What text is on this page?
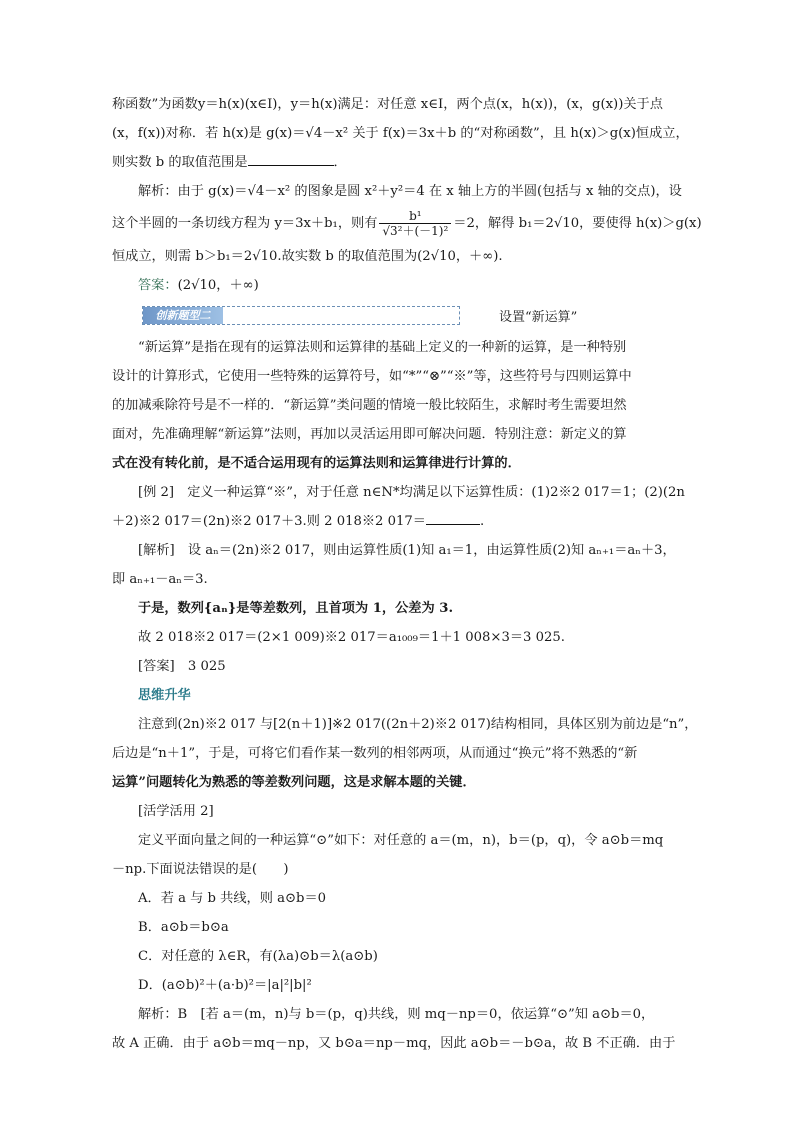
称函数”为函数y＝h(x)(x∈I)，y＝h(x)满足：对任意 x∈I，两个点(x，h(x))，(x，g(x))关于点
(x，f(x))对称．若 h(x)是 g(x)＝√4－x² 关于 f(x)＝3x＋b 的“对称函数”，且 h(x)＞g(x)恒成立，
则实数 b 的取值范围是	．
解析：由于 g(x)＝√4－x² 的图象是圆 x²＋y²＝4 在 x 轴上方的半圆(包括与 x 轴的交点)，设
这个半圆的一条切线方程为 y＝3x＋b₁，则有 $\frac{\text{b¹}}{\text{√3²＋(－1)²}} =2$，解得 b₁＝2√10，要使得 h(x)＞g(x)
恒成立，则需 b＞b₁＝2√10.故实数 b 的取值范围为(2√10，＋∞).
答案：(2√10，＋∞)
创新题型二	设置“新运算”
“新运算”是指在现有的运算法则和运算律的基础上定义的一种新的运算，是一种特别
设计的计算形式，它使用一些特殊的运算符号，如“*”“⊗”“※”等，这些符号与四则运算中
的加减乘除符号是不一样的．“新运算”类问题的情境一般比较陌生，求解时考生需要坦然
面对，先准确理解“新运算”法则，再加以灵活运用即可解决问题．特别注意：新定义的算
式在没有转化前，是不适合运用现有的运算法则和运算律进行计算的．
[例 2]　定义一种运算“※”，对于任意 n∈N*均满足以下运算性质：(1)2※2 017＝1；(2)(2n
＋2)※2 017＝(2n)※2 017＋3.则 2 018※2 017＝	.
[解析]　设 aₙ＝(2n)※2 017，则由运算性质(1)知 a₁＝1，由运算性质(2)知 aₙ₊₁＝aₙ＋3，
即 aₙ₊₁－aₙ＝3.
于是，数列{aₙ}是等差数列，且首项为 1，公差为 3.
故 2 018※2 017＝(2×1 009)※2 017＝a₁₀₀₉＝1＋1 008×3＝3 025.
[答案]　 3 025
思维升华
注意到(2n)※2 017 与[2(n＋1)]※2 017((2n＋2)※2 017)结构相同，具体区别为前边是“n”，
后边是“n＋1”，于是，可将它们看作某一数列的相邻两项，从而通过“换元”将不熟悉的“新
运算”问题转化为熟悉的等差数列问题，这是求解本题的关键．
[活学活用 2]
定义平面向量之间的一种运算“⊙”如下：对任意的 a＝(m，n)，b＝(p，q)，令 a⊙b＝mq
－np.下面说法错误的是(　　)
A．若 a 与 b 共线，则 a⊙b＝0
B．a⊙b＝b⊙a
C．对任意的 λ∈R，有(λa)⊙b＝λ(a⊙b)
D．(a⊙b)²＋(a·b)²＝|a|²|b|²
解析：B　[若 a＝(m，n)与 b＝(p，q)共线，则 mq－np＝0，依运算“⊙”知 a⊙b＝0，
故 A 正确．由于 a⊙b＝mq－np，又 b⊙a＝np－mq，因此 a⊙b＝－b⊙a，故 B 不正确．由于
